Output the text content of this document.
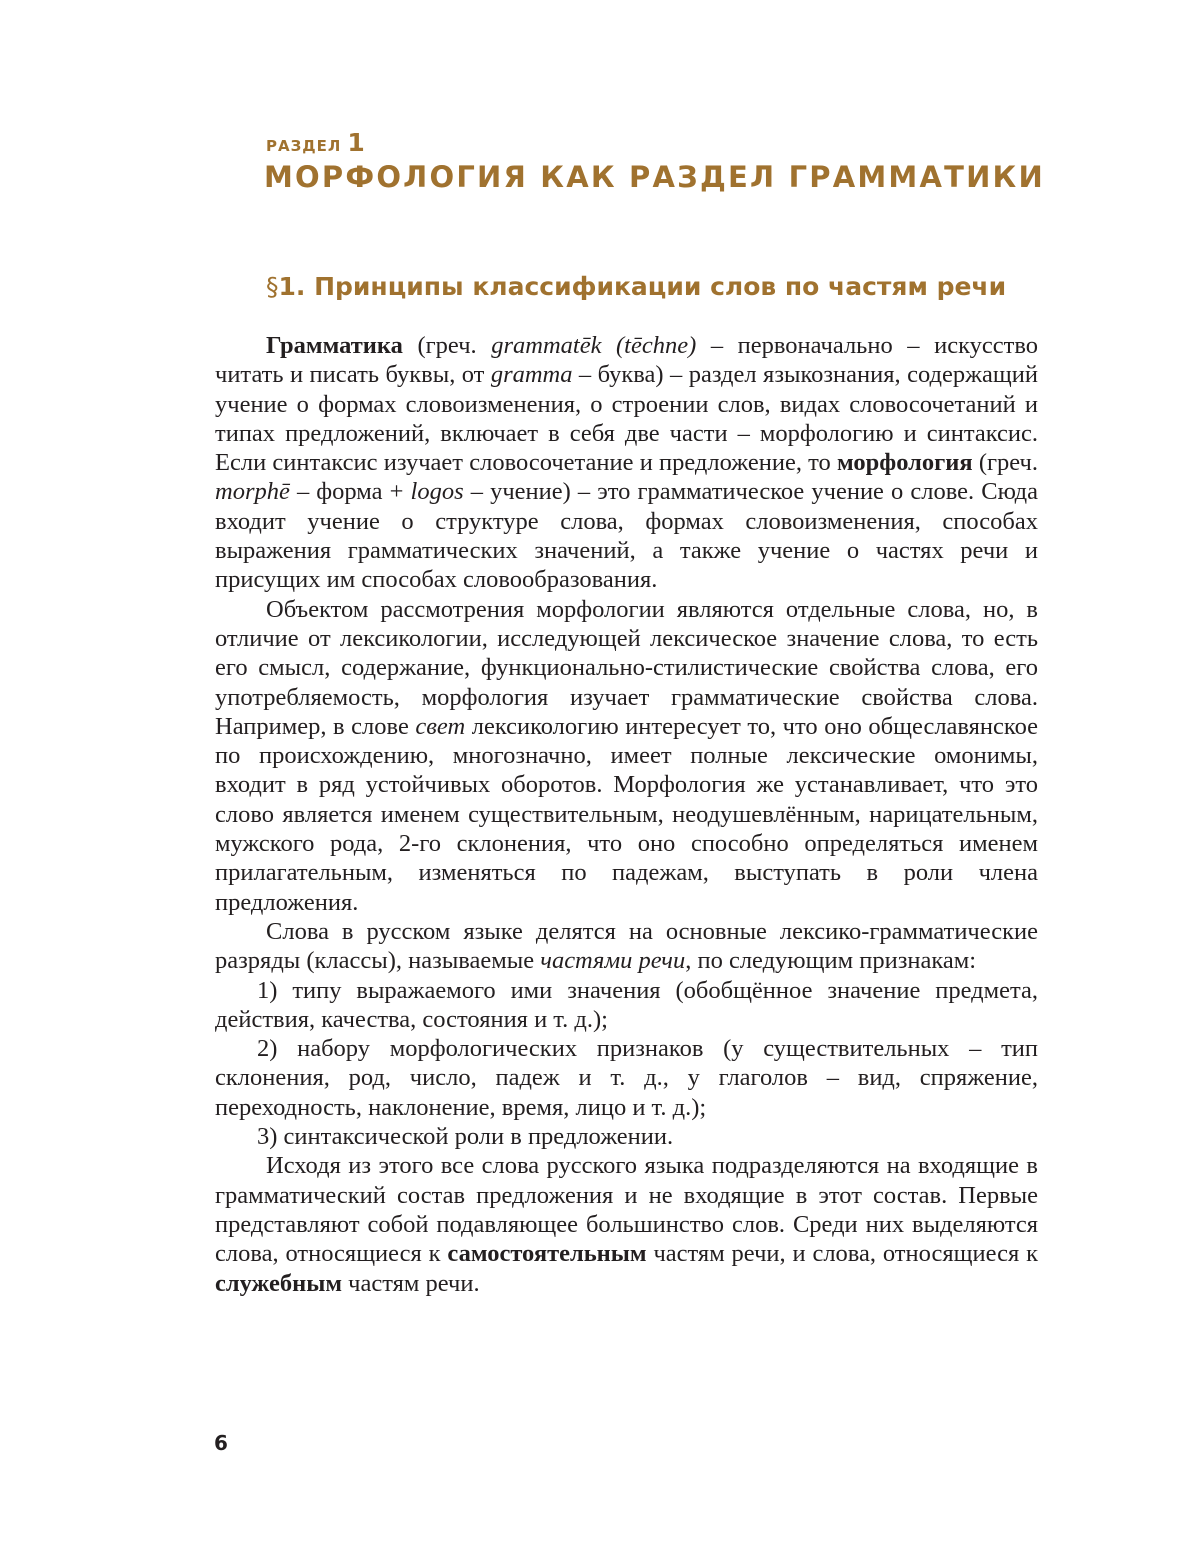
РАЗДЕЛ 1
МОРФОЛОГИЯ КАК РАЗДЕЛ ГРАММАТИКИ
§1. Принципы классификации слов по частям речи

Грамматика (греч. grammatēk (tēchne) – первоначально – искусство читать и писать буквы, от gramma – буква) – раздел языкознания, содержащий учение о формах словоизменения, о строении слов, видах словосочетаний и типах предложений, включает в себя две части – морфологию и синтаксис. Если синтаксис изучает словосочетание и предложение, то морфология (греч. morphē – форма + logos – учение) – это грамматическое учение о слове. Сюда входит учение о структуре слова, формах словоизменения, способах выражения грамматических значений, а также учение о частях речи и присущих им способах словообразования.

Объектом рассмотрения морфологии являются отдельные слова, но, в отличие от лексикологии, исследующей лексическое значение слова, то есть его смысл, содержание, функционально-стилистические свойства слова, его употребляемость, морфология изучает грамматические свойства слова. Например, в слове свет лексикологию интересует то, что оно общеславянское по происхождению, многозначно, имеет полные лексические омонимы, входит в ряд устойчивых оборотов. Морфология же устанавливает, что это слово является именем существительным, неодушевлённым, нарицательным, мужского рода, 2-го склонения, что оно способно определяться именем прилагательным, изменяться по падежам, выступать в роли члена предложения.

Слова в русском языке делятся на основные лексико-грамматические разряды (классы), называемые частями речи, по следующим признакам:

1) типу выражаемого ими значения (обобщённое значение предмета, действия, качества, состояния и т. д.);

2) набору морфологических признаков (у существительных – тип склонения, род, число, падеж и т. д., у глаголов – вид, спряжение, переходность, наклонение, время, лицо и т. д.);

3) синтаксической роли в предложении.

Исходя из этого все слова русского языка подразделяются на входящие в грамматический состав предложения и не входящие в этот состав. Первые представляют собой подавляющее большинство слов. Среди них выделяются слова, относящиеся к самостоятельным частям речи, и слова, относящиеся к служебным частям речи.

6
